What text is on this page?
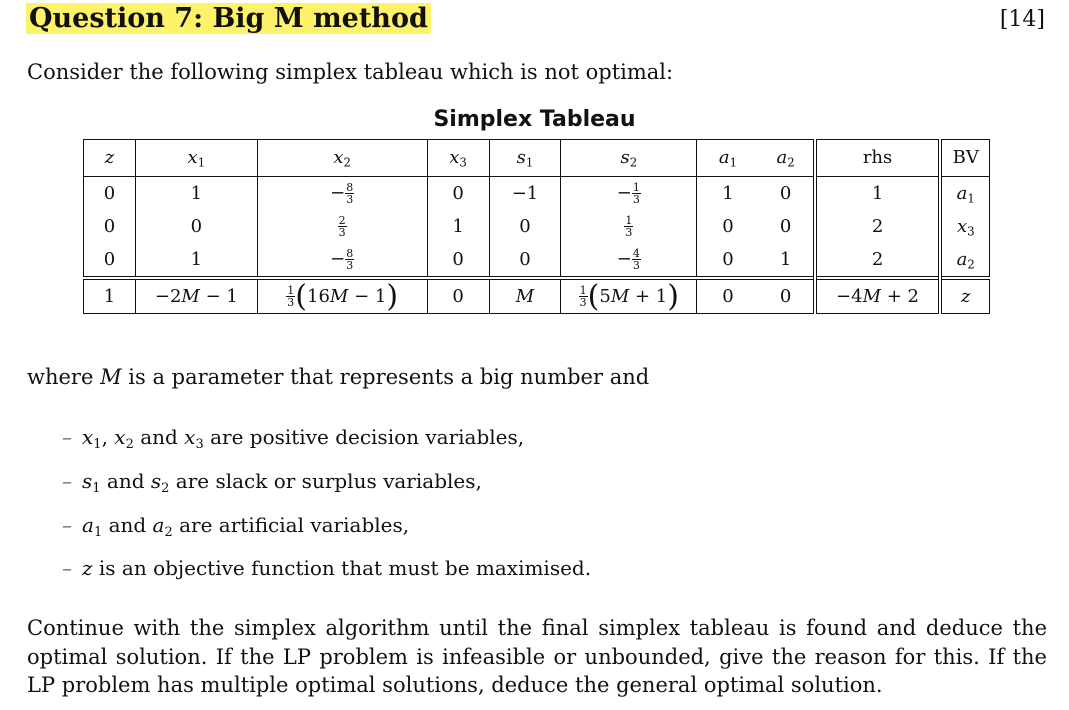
Question 7: Big M method	[14]
Consider the following simplex tableau which is not optimal:
Simplex Tableau
z	$x_1$	$x_2$	$x_3$	$s_1$	$s_2$	$a_1$	$a_2$	rhs	BV
0	1	− $\frac{8}{3}$	0	−1	− $\frac{1}{3}$	1	0	1	$a_1$
0	0	$\frac{2}{3}$	1	0	$\frac{1}{3}$	0	0	2	$x_3$
0	1	− $\frac{8}{3}$	0	0	− $\frac{4}{3}$	0	1	2	$a_2$
1	−2M − 1	$\frac{1}{3} (16M - 1)$	0	M	$\frac{1}{3} (5M + 1)$	0	0	−4M + 2	z
where M is a parameter that represents a big number and
– $x_1$, $x_2$ and $x_3$ are positive decision variables,
– $s_1$ and $s_2$ are slack or surplus variables,
– $a_1$ and $a_2$ are artificial variables,
– z is an objective function that must be maximised.
Continue with the simplex algorithm until the final simplex tableau is found and deduce the optimal solution. If the LP problem is infeasible or unbounded, give the reason for this. If the LP problem has multiple optimal solutions, deduce the general optimal solution.
